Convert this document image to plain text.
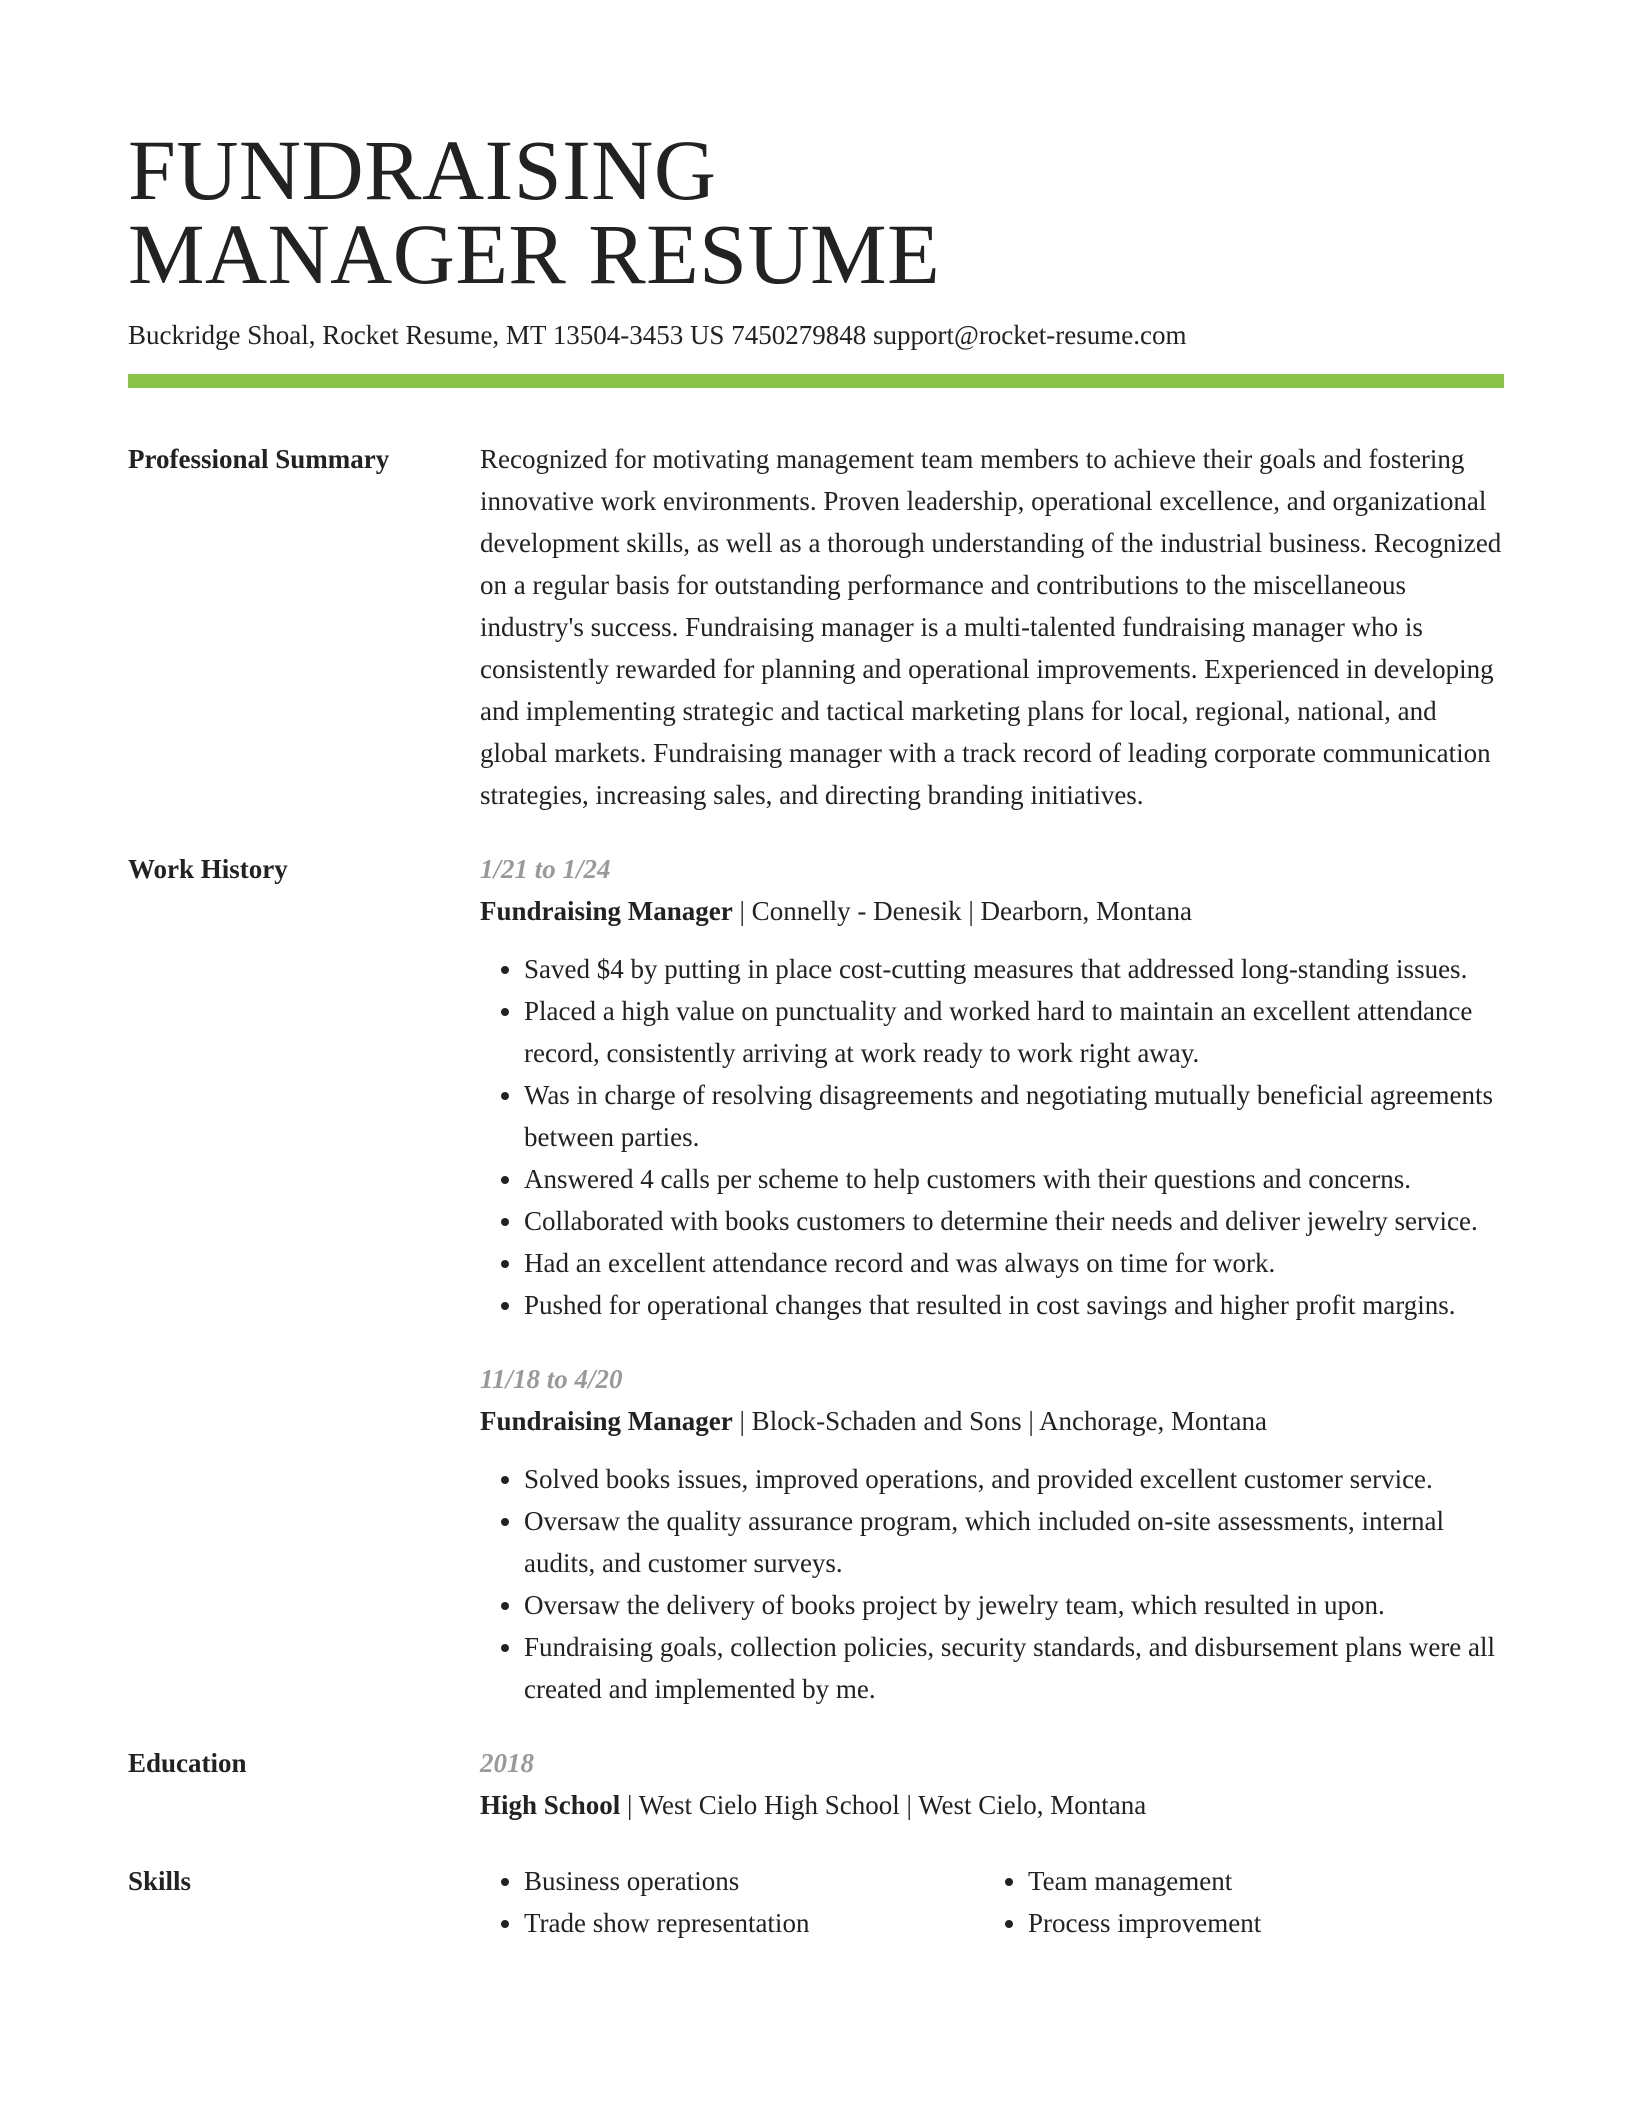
FUNDRAISING
MANAGER RESUME
Buckridge Shoal, Rocket Resume, MT 13504-3453 US 7450279848 support@rocket-resume.com
Professional Summary	Recognized for motivating management team members to achieve their goals and fostering innovative work environments. Proven leadership, operational excellence, and organizational development skills, as well as a thorough understanding of the industrial business. Recognized on a regular basis for outstanding performance and contributions to the miscellaneous industry's success. Fundraising manager is a multi-talented fundraising manager who is consistently rewarded for planning and operational improvements. Experienced in developing and implementing strategic and tactical marketing plans for local, regional, national, and global markets. Fundraising manager with a track record of leading corporate communication strategies, increasing sales, and directing branding initiatives.

Work History	1/21 to 1/24
Fundraising Manager | Connelly - Denesik | Dearborn, Montana
• Saved $4 by putting in place cost-cutting measures that addressed long-standing issues.
• Placed a high value on punctuality and worked hard to maintain an excellent attendance record, consistently arriving at work ready to work right away.
• Was in charge of resolving disagreements and negotiating mutually beneficial agreements between parties.
• Answered 4 calls per scheme to help customers with their questions and concerns.
• Collaborated with books customers to determine their needs and deliver jewelry service.
• Had an excellent attendance record and was always on time for work.
• Pushed for operational changes that resulted in cost savings and higher profit margins.
11/18 to 4/20
Fundraising Manager | Block-Schaden and Sons | Anchorage, Montana
• Solved books issues, improved operations, and provided excellent customer service.
• Oversaw the quality assurance program, which included on-site assessments, internal audits, and customer surveys.
• Oversaw the delivery of books project by jewelry team, which resulted in upon.
• Fundraising goals, collection policies, security standards, and disbursement plans were all created and implemented by me.
Education	2018
High School | West Cielo High School | West Cielo, Montana
Skills
•	Business operations
• Trade show representation
• Team management
• Process improvement
